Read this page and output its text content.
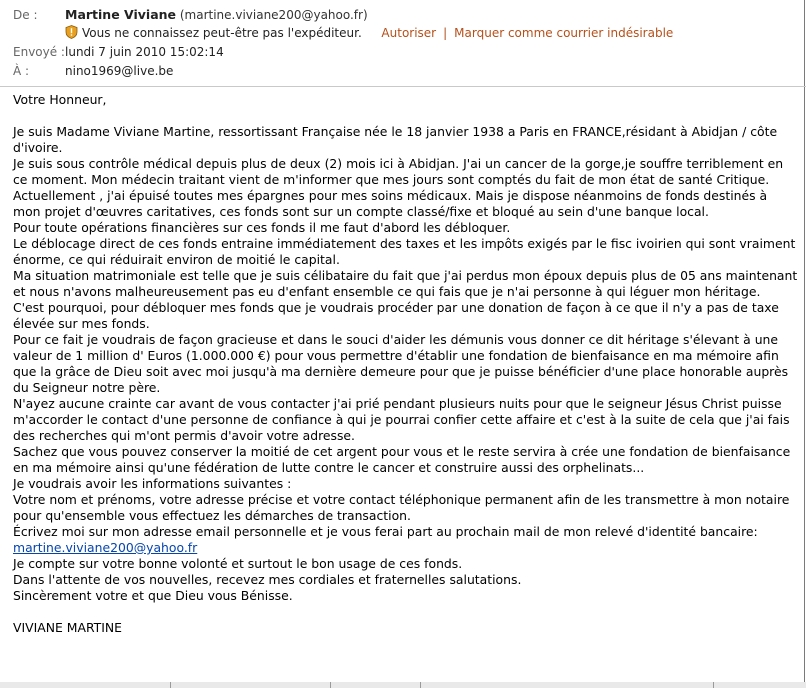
De : Martine Viviane (martine.viviane200@yahoo.fr)
Vous ne connaissez peut-être pas l'expéditeur. Autoriser | Marquer comme courrier indésirable
Envoyé : lundi 7 juin 2010 15:02:14
À :	nino1969@live.be

Votre Honneur,

Je suis Madame Viviane Martine, ressortissant Française née le 18 janvier 1938 a Paris en FRANCE,résidant à Abidjan / côte d'ivoire.

Je suis sous contrôle médical depuis plus de deux (2) mois ici à Abidjan. J'ai un cancer de la gorge,je souffre terriblement en ce moment. Mon médecin traitant vient de m'informer que mes jours sont comptés du fait de mon état de santé Critique.

Actuellement , j'ai épuisé toutes mes épargnes pour mes soins médicaux. Mais je dispose néanmoins de fonds destinés à mon projet d'œuvres caritatives, ces fonds sont sur un compte classé/fixe et bloqué au sein d'une banque local.

Pour toute opérations financières sur ces fonds il me faut d'abord les débloquer.

Le déblocage direct de ces fonds entraine immédiatement des taxes et les impôts exigés par le fisc ivoirien qui sont vraiment énorme, ce qui réduirait environ de moitié le capital.

Ma situation matrimoniale est telle que je suis célibataire du fait que j'ai perdus mon époux depuis plus de 05 ans maintenant et nous n'avons malheureusement pas eu d'enfant ensemble ce qui fais que je n'ai personne à qui léguer mon héritage.

C'est pourquoi, pour débloquer mes fonds que je voudrais procéder par une donation de façon à ce que il n'y a pas de taxe élevée sur mes fonds.

Pour ce fait je voudrais de façon gracieuse et dans le souci d'aider les démunis vous donner ce dit héritage s'élevant à une valeur de 1 million d' Euros (1.000.000 €) pour vous permettre d'établir une fondation de bienfaisance en ma mémoire afin que la grâce de Dieu soit avec moi jusqu'à ma dernière demeure pour que je puisse bénéficier d'une place honorable auprès du Seigneur notre père.

N'ayez aucune crainte car avant de vous contacter j'ai prié pendant plusieurs nuits pour que le seigneur Jésus Christ puisse m'accorder le contact d'une personne de confiance à qui je pourrai confier cette affaire et c'est à la suite de cela que j'ai fais des recherches qui m'ont permis d'avoir votre adresse.

Sachez que vous pouvez conserver la moitié de cet argent pour vous et le reste servira à crée une fondation de bienfaisance en ma mémoire ainsi qu'une fédération de lutte contre le cancer et construire aussi des orphelinats...

Je voudrais avoir les informations suivantes :

Votre nom et prénoms, votre adresse précise et votre contact téléphonique permanent afin de les transmettre à mon notaire pour qu'ensemble vous effectuez les démarches de transaction.

Écrivez moi sur mon adresse email personnelle et je vous ferai part au prochain mail de mon relevé d'identité bancaire:

martine.viviane200@yahoo.fr

Je compte sur votre bonne volonté et surtout le bon usage de ces fonds.

Dans l'attente de vos nouvelles, recevez mes cordiales et fraternelles salutations.

Sincèrement votre et que Dieu vous Bénisse.

VIVIANE MARTINE
